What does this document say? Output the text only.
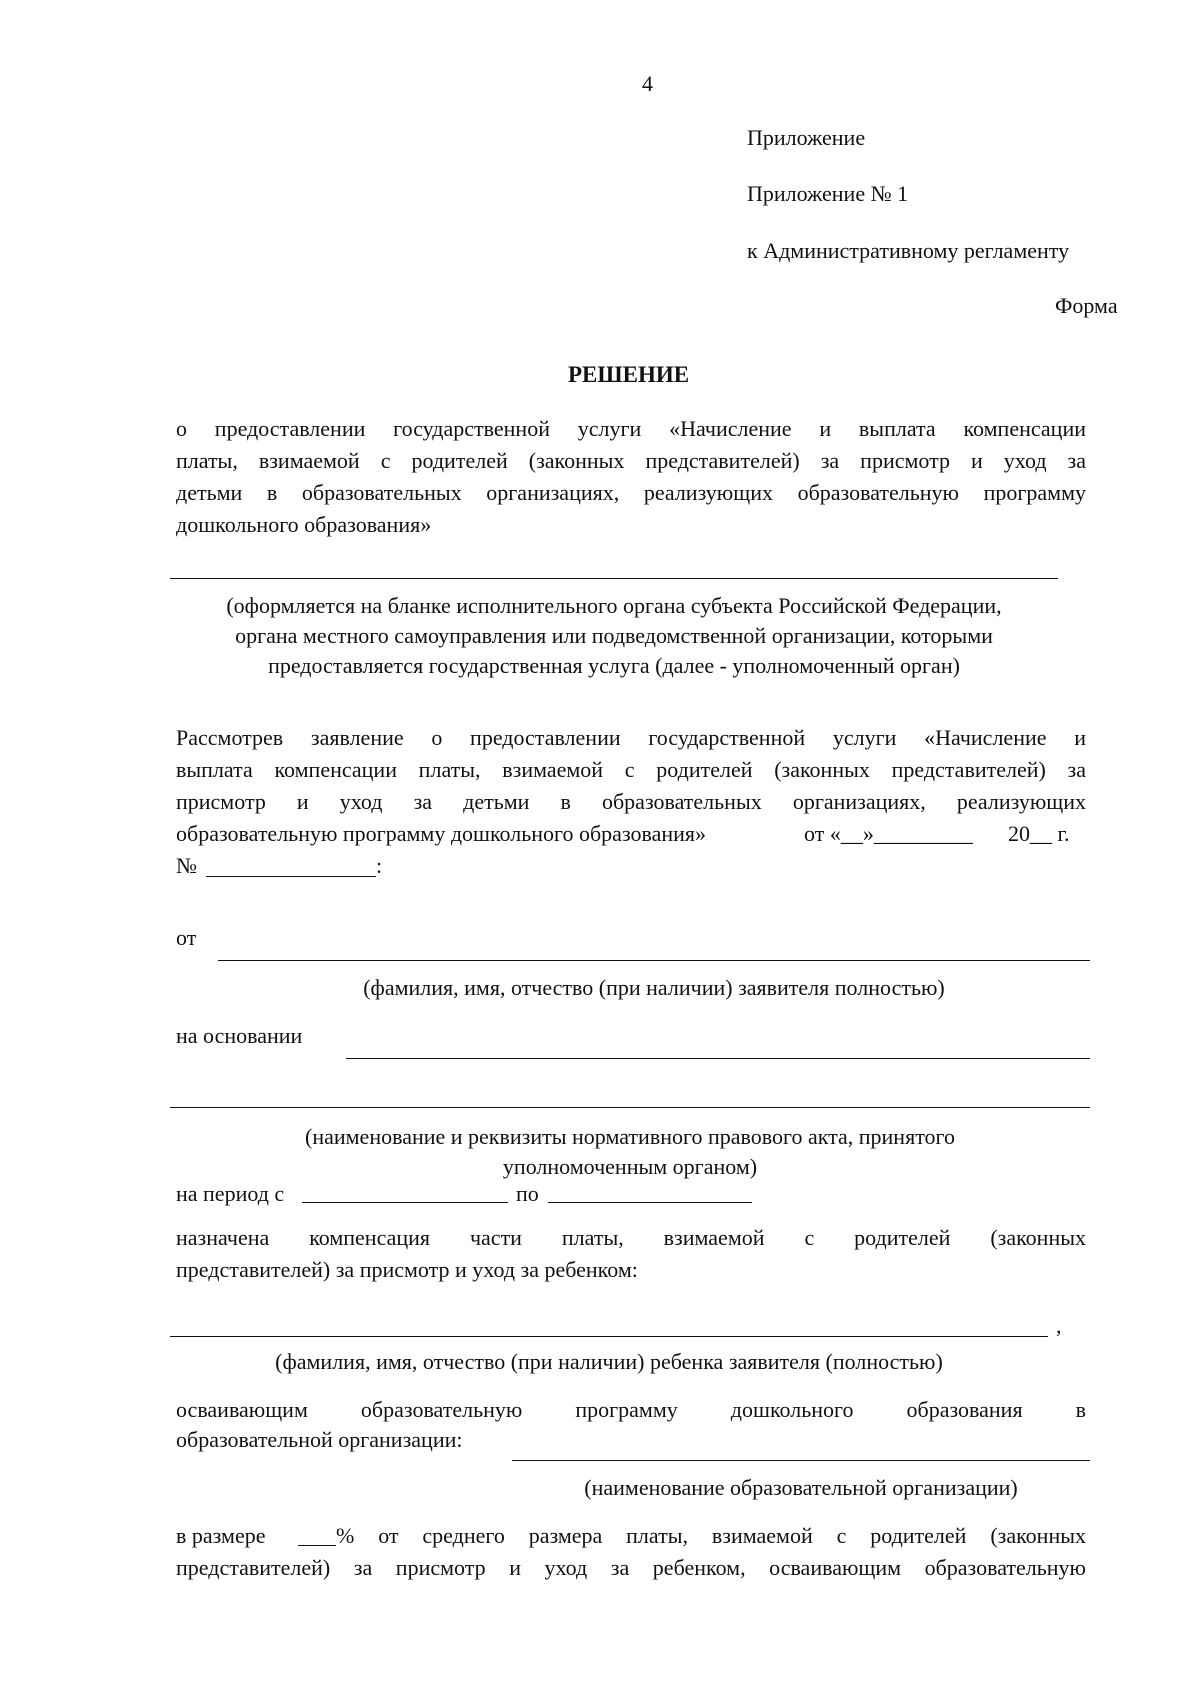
4
Приложение
Приложение № 1
к Административному регламенту
Форма
РЕШЕНИЕ
о предоставлении государственной услуги «Начисление и выплата компенсации
платы, взимаемой с родителей (законных представителей) за присмотр и уход за
детьми в образовательных организациях, реализующих образовательную программу
дошкольного образования»
(оформляется на бланке исполнительного органа субъекта Российской Федерации,
органа местного самоуправления или подведомственной организации, которыми
предоставляется государственная услуга (далее - уполномоченный орган)
Рассмотрев заявление о предоставлении государственной услуги «Начисление и
выплата компенсации платы, взимаемой с родителей (законных представителей) за
присмотр и уход за детьми в образовательных организациях, реализующих
образовательную программу дошкольного образования»	от «__»_________ 20__ г.
№	:
от
(фамилия, имя, отчество (при наличии) заявителя полностью)
на основании
(наименование и реквизиты нормативного правового акта, принятого
уполномоченным органом)
на период с	по
назначена компенсация части платы, взимаемой с родителей (законных
представителей) за присмотр и уход за ребенком:
,
(фамилия, имя, отчество (при наличии) ребенка заявителя (полностью)
осваивающим образовательную программу дошкольного образования в
образовательной организации:
(наименование образовательной организации)
в размере	% от среднего размера платы, взимаемой с родителей (законных
представителей) за присмотр и уход за ребенком, осваивающим образовательную
